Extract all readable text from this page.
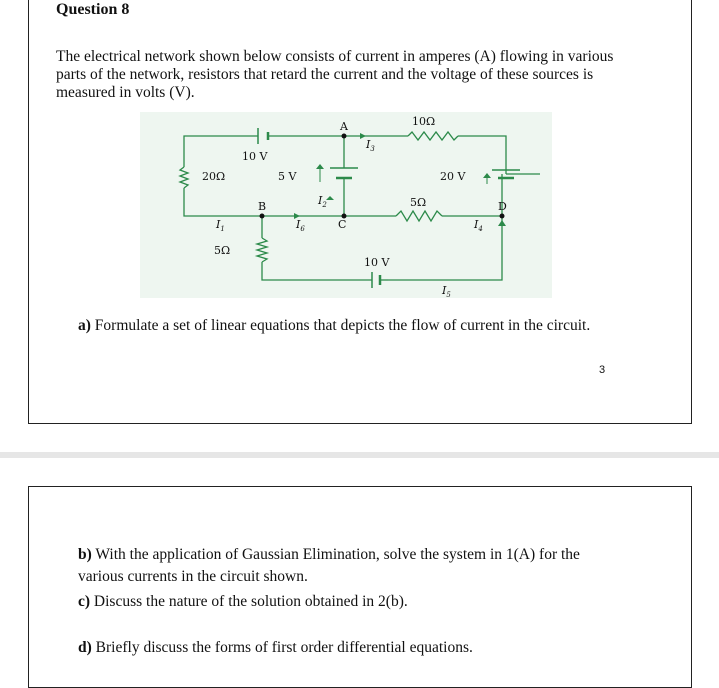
Question 8
The electrical network shown below consists of current in amperes (A) flowing in various parts of the network, resistors that retard the current and the voltage of these sources is measured in volts (V).
10Ω
A
10 V
20Ω	5 V	20 V
5Ω
B
C
D
5Ω
10 V
$I_1$
$I_2$
$I_3$
$I_4$
$I_5$
$I_6$
a) Formulate a set of linear equations that depicts the flow of current in the circuit.
3
b) With the application of Gaussian Elimination, solve the system in 1(A) for the various currents in the circuit shown.
c) Discuss the nature of the solution obtained in 2(b).
d) Briefly discuss the forms of first order differential equations.
